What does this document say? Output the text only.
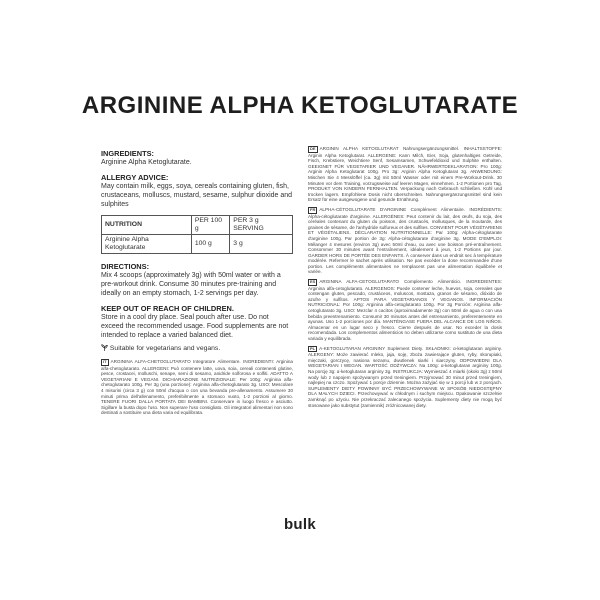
ARGININE ALPHA KETOGLUTARATE

INGREDIENTS:

Arginine Alpha Ketoglutarate.

ALLERGY ADVICE:

May contain milk, eggs, soya, cereals containing gluten, fish, crustaceans, molluscs, mustard, sesame, sulphur dioxide and sulphites

NUTRITION	PER 100 g	PER 3 g SERVING
Arginine Alpha Ketoglutarate	100 g	3 g

DIRECTIONS:

Mix 4 scoops (approximately 3g) with 50ml water or with a pre-workout drink. Consume 30 minutes pre-training and ideally on an empty stomach, 1-2 servings per day.

KEEP OUT OF REACH OF CHILDREN.

Store in a cool dry place. Seal pouch after use. Do not exceed the recommended usage. Food supplements are not intended to replace a varied balanced diet.

Suitable for vegetarians and vegans.

IT ARGININA ALFA-CHETOGLUTARATO Integratore Alimentare. INGREDIENTI: Arginina alfa-chetoglutarato. ALLERGENI: Può contenere latte, uova, soia, cereali contenenti glutine, pesce, crostacei, molluschi, senape, semi di sesamo, anidride solforosa e solfiti. ADATTO A VEGETARIANI E VEGANI. DICHIARAZIONE NUTRIZIONALE: Per 100g: Arginina alfa-chetoglutarato 100g. Per 3g (una porzione): Arginina alfa-chetoglutarato 3g. USO: Mescolare 4 misurini (circa 3 g) con 50ml d'acqua o con una bevanda pre-allenamento. Assumere 30 minuti prima dell'allenamento, preferibilmente a stomaco vuoto, 1-2 porzioni al giorno. TENERE FUORI DALLA PORTATA DEI BAMBINI. Conservare in luogo fresco e asciutto. Sigillare la busta dopo l'uso. Non superare l'uso consigliato. Gli integratori alimentari non sono destinati a sostituire una dieta varia ed equilibrata.

DE ARGININ ALPHA KETOGLUTARAT Nahrungsergänzungsmittel. INHALTSSTOFFE: Arginin Alpha Ketoglutarat. ALLERGENE: Kann Milch, Eier, Soja, glutenhaltiges Getreide, Fisch, Krebstiere, Weichtiere Senf, Sesamsamen, Schwefeldioxid und Sulphite enthalten. GEEIGNET FÜR VEGETARIER UND VEGANER. NÄHRWERTDEKLARATION: Pro 100g: Arginin Alpha Ketoglutarat 100g. Pro 3g: Arginin Alpha Ketoglutarat 3g. ANWENDUNG: Mischen Sie 4 Messlöffel (ca. 3g) mit 50ml Wasser oder mit einem Pre-Workout-Drink. 30 Minuten vor dem Training, vorzugsweise auf leeren Magen, einnehmen. 1-2 Portionen pro Tag. PRODUKT VON KINDERN FERNHALTEN. Verpackung nach Gebrauch schließen. Kühl und trocken lagern. Empfohlene Dosis nicht überschreiten. Nahrungsergänzungsmittel sind kein Ersatz für eine ausgewogene und gesunde Ernährung.

FR ALPHA-CÉTOGLUTARATE D'ARGININE Complément Alimentaire. INGRÉDIENTS: Alpha-cétoglutarate d'arginine. ALLERGÈNES: Peut contenir du lait, des œufs, du soja, des céréales contenant du gluten du poisson, des crustacés, mollusques, de la moutarde, des graines de sésame, de l'anhydride sulfureux et des sulfites. CONVIENT POUR VÉGÉTARIENS ET VÉGÉTALIENS. DÉCLARATION NUTRITIONNELLE: Par 100g: Alpha-cétoglutarate d'arginine 100g. Par portion de 3g: Alpha-cétoglutarate d'arginine 3g. MODE D'EMPLOI: Mélanger 4 mesures (environ 3g) avec 50ml d'eau, ou avec une boisson pré-entraînement. Consommer 30 minutes avant l'entraînement, idéalement à jeun, 1-2 Portions par jour. GARDER HORS DE PORTÉE DES ENFANTS. À conserver dans un endroit sec à température modérée. Refermer le sachet après utilisation. Ne pas excéder la dose recommandée d'une portion. Les compléments alimentaires ne remplacent pas une alimentation équilibrée et variée.

ES ARGININA ALFA-CETOGLUTARATO Complemento Alimenticio. INGREDIENTES: Arginina alfa-cetoglutarato. ALERGENOS: Puede contener leche, huevos, soja, cereales que contengan gluten, pescado, crustáceos, moluscos, mostaza, granos de sésamo, dióxido de azufre y sulfitos. APTOS PARA VEGETARIANOS Y VEGANOS. INFORMACIÓN NUTRICIONAL: Por 100g: Arginina alfa-cetoglutarato 100g. Por 3g Porción: Arginina alfa-cetoglutarato 3g. USO: Mezclar 4 cacitos (aproximadamente 3g) con 50ml de agua o con una bebida preentrenamiento. Consumir 30 minutos antes del entrenamiento, preferentemente en ayunas. Uso 1-2 porciones por día. MANTÉNGASE FUERA DEL ALCANCE DE LOS NIÑOS. Almacenar en un lugar seco y fresco. Cierre después de usar. No exceder la dosis recomendada. Los complementos alimenticios no deben utilizarse como sustituto de una dieta variada y equilibrada.

PL A-KETOGLUTARAN ARGININY Suplement Diety. SKŁADNIKI: α-ketoglutaran argininy. ALERGENY: Może zawierać mleko, jaja, soję, zboża zawierające gluten, ryby, skorupiaki, mięczaki, gorczycę, nasiona sezamu, dwutlenek siarki i siarczyny. ODPOWIEDNI DLA WEGETARIAN I WEGAN. WARTOŚĆ ODŻYWCZA: Na 100g: α-ketoglutaran argininy 100g. Na porcję 3g: α-ketoglutaran argininy 3g. INSTRUKCJA: Wymieszać 4 miarki (około 3g) z 50ml wody lub z napojem spożywanym przed treningiem. Przyjmować 30 minut przed treningiem, najlepiej na czczo. Spożywać 1 porcje dziennie. Można zażyjać się w 1 porcji lub w 2 porcjach. SUPLEMENTY DIETY POWINNY BYĆ PRZECHOWYWANE W SPOSÓB NIEDOSTĘPNY DLA MAŁYCH DZIECI. Przechowywać w chłodnym i suchym miejscu. Opakowanie szczelnie zamknąć po użyciu. Nie przekraczać zalecanego spożycia. Suplementy diety nie mogą być stosowane jako substytut (zamiennik) zróżnicowanej diety.

bulk
